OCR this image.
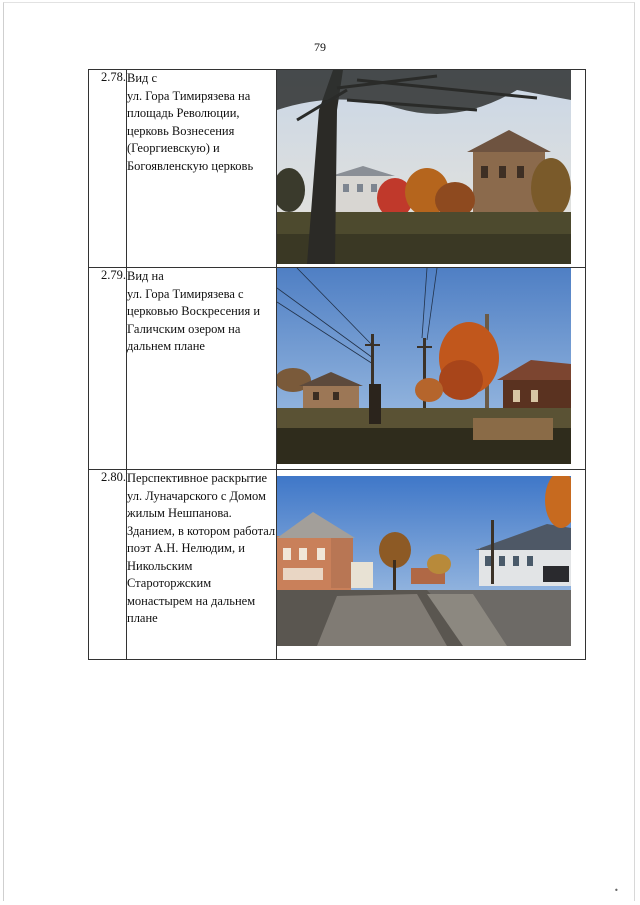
79
2.78.	Вид с
ул. Гора Тимирязева на площадь Революции, церковь Вознесения (Георгиевскую) и Богоявленскую церковь

2.79.	Вид на
ул. Гора Тимирязева с церковью Воскресения и Галичским озером на дальнем плане

2.80.	Перспективное раскрытие
ул. Луначарского с Домом жилым Нешпанова. Зданием, в котором работал поэт А.Н. Нелюдим, и Никольским Староторжским монастырем на дальнем плане

•
